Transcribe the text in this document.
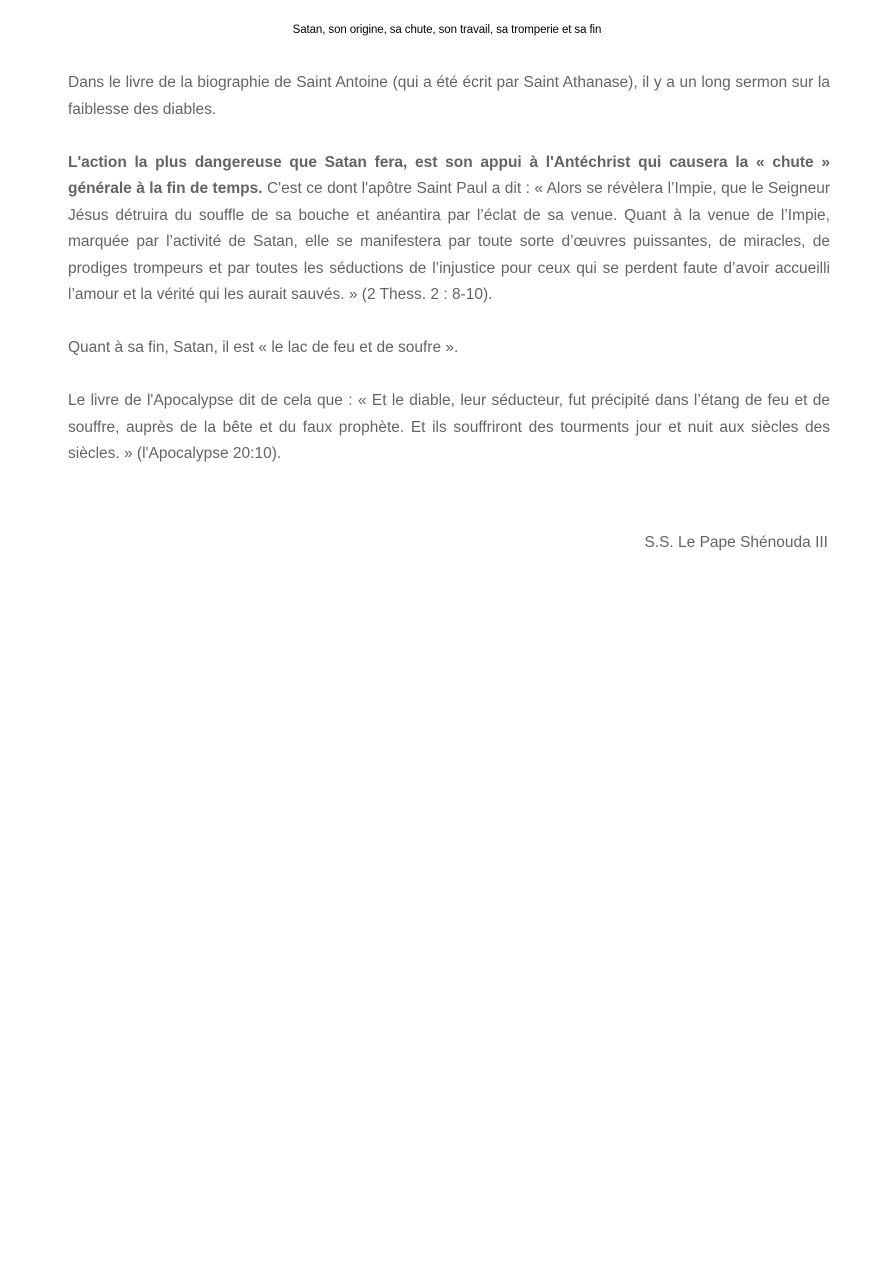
Satan, son origine, sa chute, son travail, sa tromperie et sa fin

Dans le livre de la biographie de Saint Antoine (qui a été écrit par Saint Athanase), il y a un long sermon sur la faiblesse des diables.

L'action la plus dangereuse que Satan fera, est son appui à l'Antéchrist qui causera la « chute » générale à la fin de temps. C'est ce dont l'apôtre Saint Paul a dit : « Alors se révèlera l’Impie, que le Seigneur Jésus détruira du souffle de sa bouche et anéantira par l’éclat de sa venue. Quant à la venue de l’Impie, marquée par l’activité de Satan, elle se manifestera par toute sorte d’œuvres puissantes, de miracles, de prodiges trompeurs et par toutes les séductions de l’injustice pour ceux qui se perdent faute d’avoir accueilli l’amour et la vérité qui les aurait sauvés. » (2 Thess. 2 : 8-10).

Quant à sa fin, Satan, il est « le lac de feu et de soufre ».

Le livre de l'Apocalypse dit de cela que : « Et le diable, leur séducteur, fut précipité dans l’étang de feu et de souffre, auprès de la bête et du faux prophète. Et ils souffriront des tourments jour et nuit aux siècles des siècles. » (l'Apocalypse 20:10).

S.S. Le Pape Shénouda III
